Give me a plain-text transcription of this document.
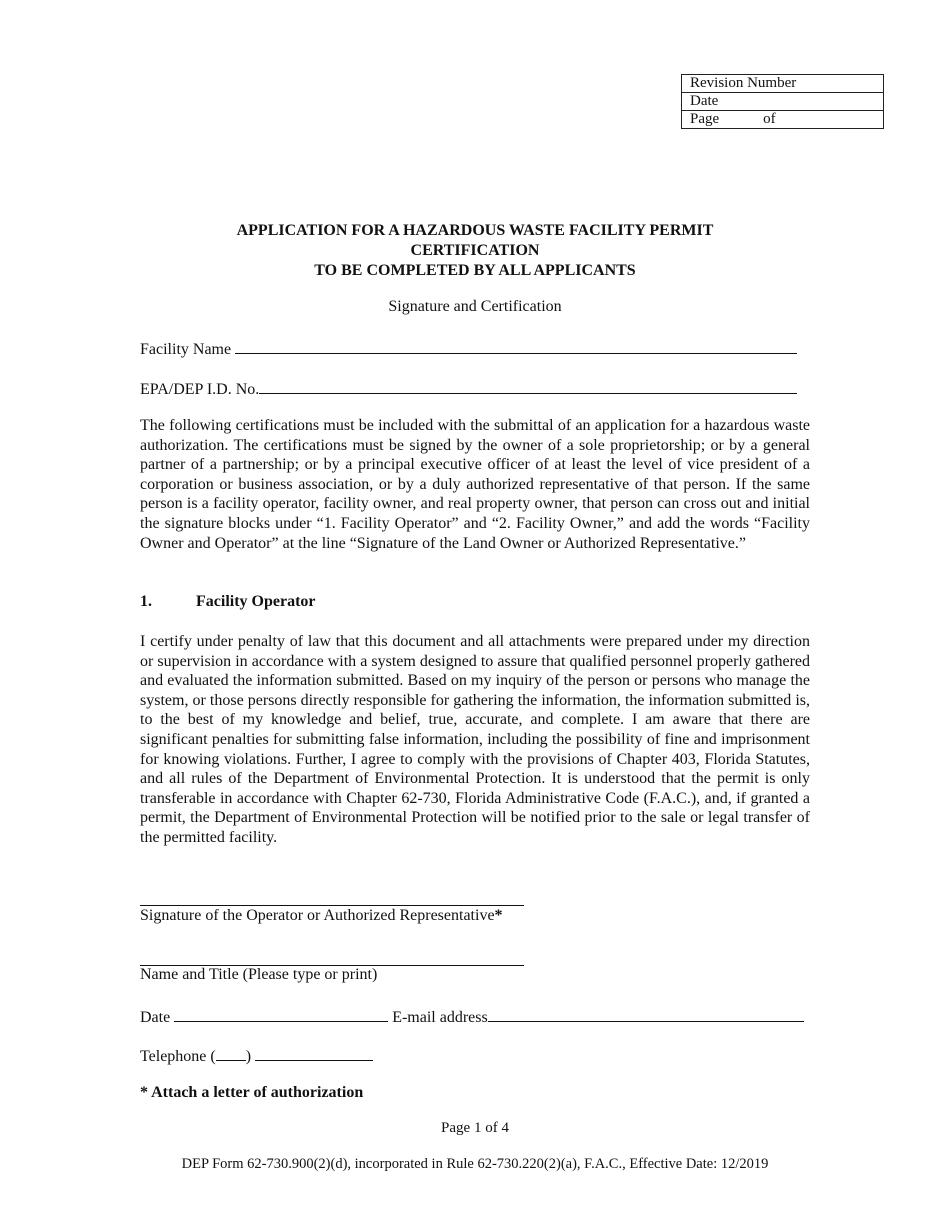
Revision Number
Date
Page	of
APPLICATION FOR A HAZARDOUS WASTE FACILITY PERMIT
CERTIFICATION
TO BE COMPLETED BY ALL APPLICANTS
Signature and Certification
Facility Name
EPA/DEP I.D. No.

The following certifications must be included with the submittal of an application for a hazardous waste authorization. The certifications must be signed by the owner of a sole proprietorship; or by a general partner of a partnership; or by a principal executive officer of at least the level of vice president of a corporation or business association, or by a duly authorized representative of that person. If the same person is a facility operator, facility owner, and real property owner, that person can cross out and initial the signature blocks under “1. Facility Operator” and “2. Facility Owner,” and add the words “Facility Owner and Operator” at the line “Signature of the Land Owner or Authorized Representative.”

1.	Facility Operator

I certify under penalty of law that this document and all attachments were prepared under my direction or supervision in accordance with a system designed to assure that qualified personnel properly gathered and evaluated the information submitted. Based on my inquiry of the person or persons who manage the system, or those persons directly responsible for gathering the information, the information submitted is, to the best of my knowledge and belief, true, accurate, and complete. I am aware that there are significant penalties for submitting false information, including the possibility of fine and imprisonment for knowing violations. Further, I agree to comply with the provisions of Chapter 403, Florida Statutes, and all rules of the Department of Environmental Protection. It is understood that the permit is only transferable in accordance with Chapter 62-730, Florida Administrative Code (F.A.C.), and, if granted a permit, the Department of Environmental Protection will be notified prior to the sale or legal transfer of the permitted facility.

Signature of the Operator or Authorized Representative*
Name and Title (Please type or print)
Date	E-mail address
Telephone ( )
* Attach a letter of authorization
Page 1 of 4
DEP Form 62-730.900(2)(d), incorporated in Rule 62-730.220(2)(a), F.A.C., Effective Date: 12/2019
